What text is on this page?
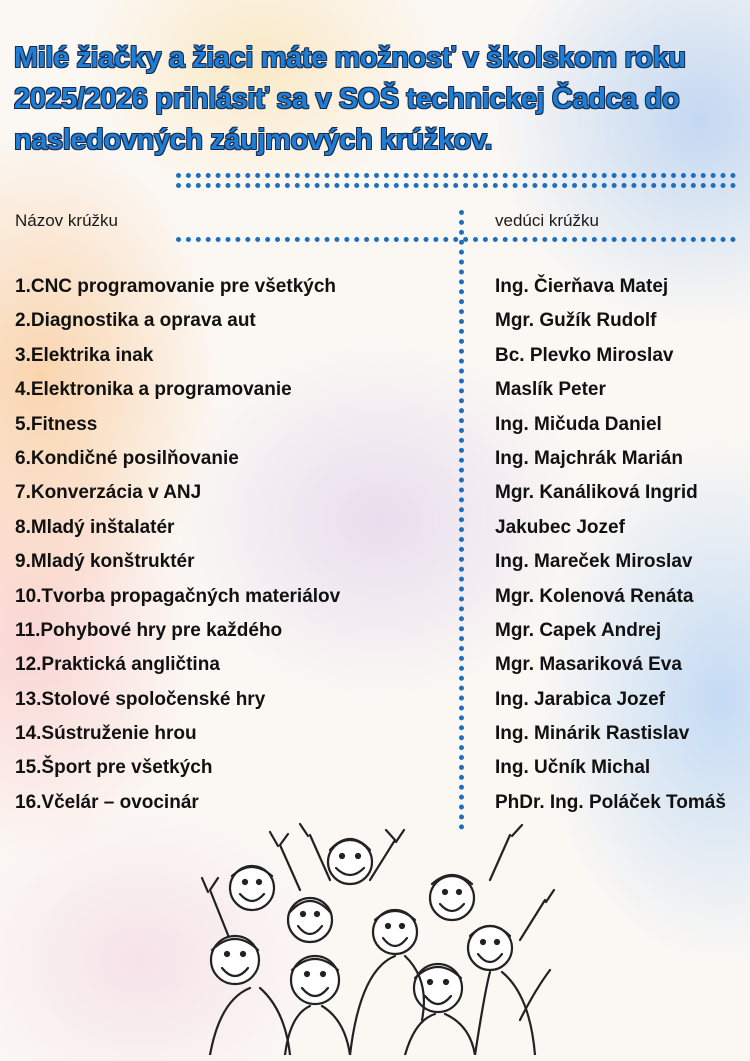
Milé žiačky a žiaci máte možnosť v školskom roku
2025/2026 prihlásiť sa v SOŠ technickej Čadca do
nasledovných záujmových krúžkov.
Názov krúžku	vedúci krúžku
1.CNC programovanie pre všetkých	Ing. Čierňava Matej
2.Diagnostika a oprava aut	Mgr. Gužík Rudolf
3.Elektrika inak	Bc. Plevko Miroslav
4.Elektronika a programovanie	Maslík Peter
5.Fitness	Ing. Mičuda Daniel
6.Kondičné posilňovanie	Ing. Majchrák Marián
7.Konverzácia v ANJ	Mgr. Kanáliková Ingrid
8.Mladý inštalatér	Jakubec Jozef
9.Mladý konštruktér	Ing. Mareček Miroslav
10.Tvorba propagačných materiálov	Mgr. Kolenová Renáta
11.Pohybové hry pre každého	Mgr. Capek Andrej
12.Praktická angličtina	Mgr. Masariková Eva
13.Stolové spoločenské hry	Ing. Jarabica Jozef
14.Sústruženie hrou	Ing. Minárik Rastislav
15.Šport pre všetkých	Ing. Učník Michal
16.Včelár – ovocinár	PhDr. Ing. Poláček Tomáš
